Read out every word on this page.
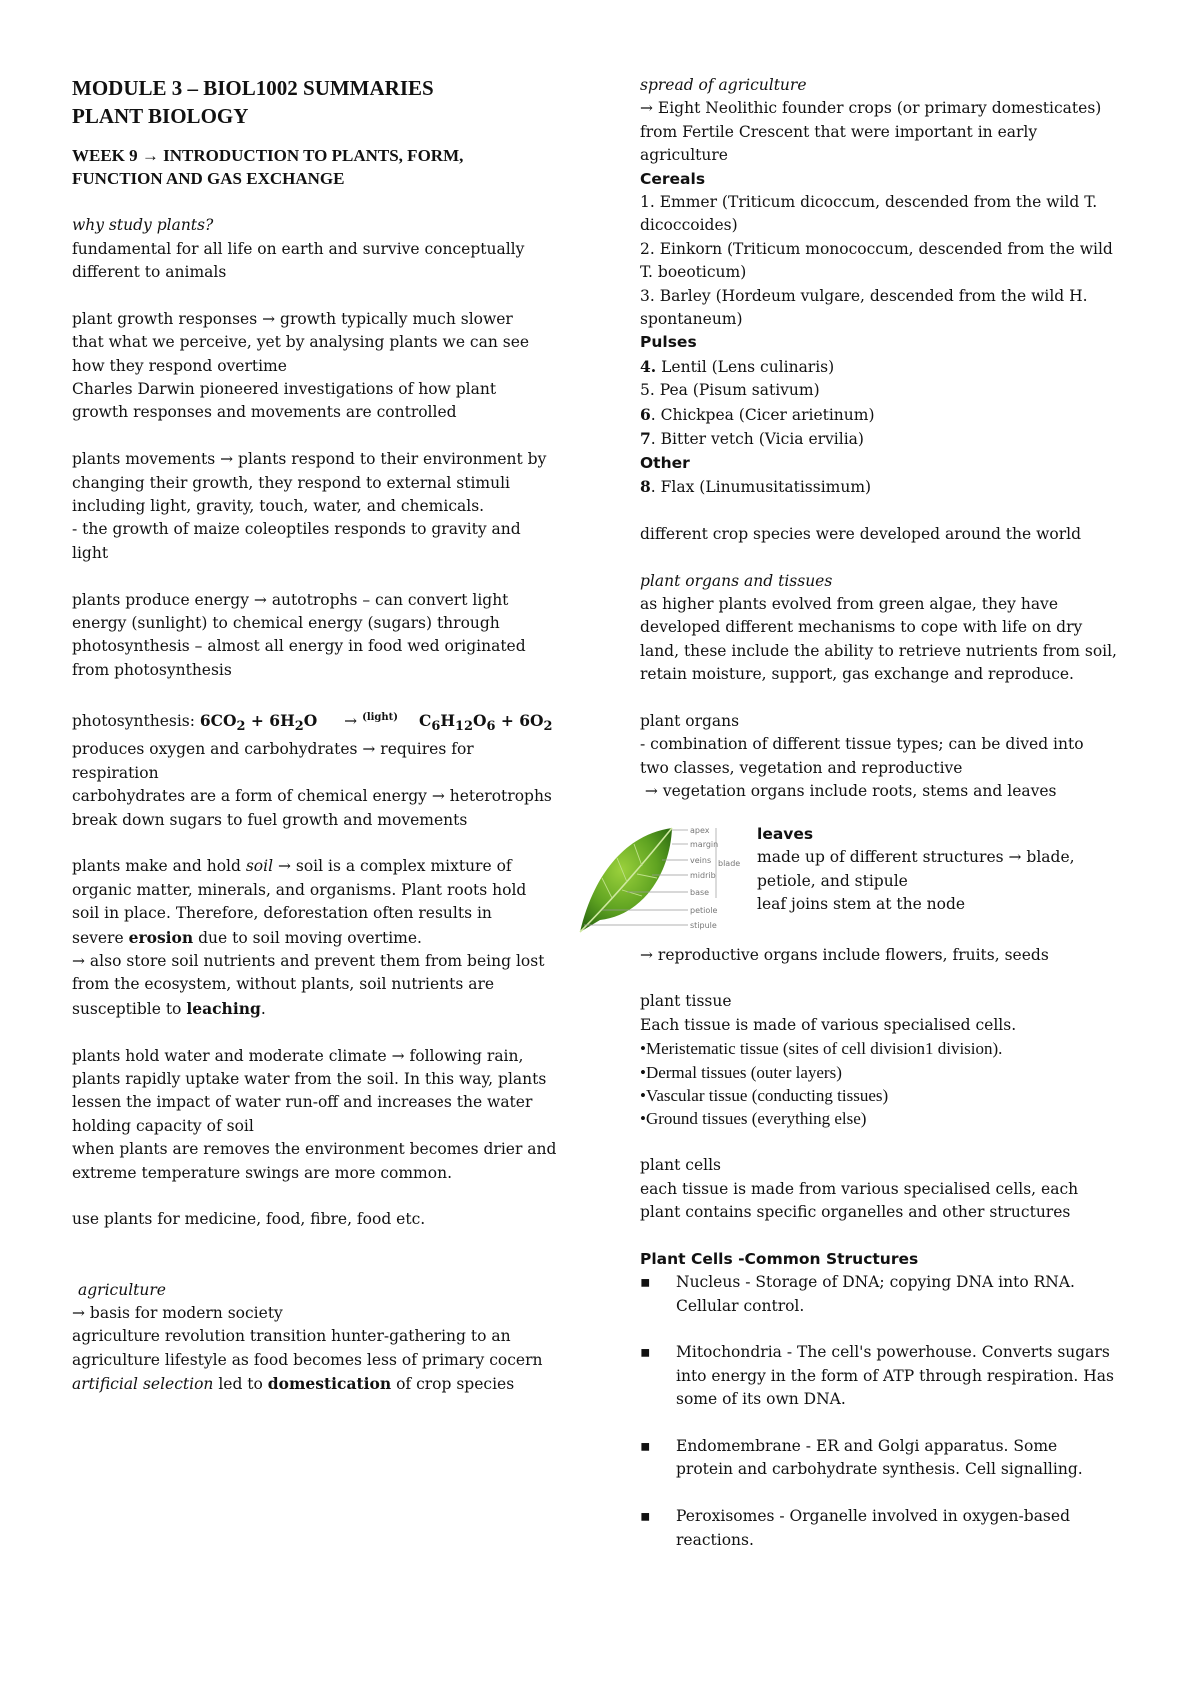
MODULE 3 – BIOL1002 SUMMARIES
PLANT BIOLOGY
WEEK 9 → INTRODUCTION TO PLANTS, FORM,
FUNCTION AND GAS EXCHANGE
why study plants?
fundamental for all life on earth and survive conceptually
different to animals
plant growth responses → growth typically much slower
that what we perceive, yet by analysing plants we can see
how they respond overtime
Charles Darwin pioneered investigations of how plant
growth responses and movements are controlled
plants movements → plants respond to their environment by
changing their growth, they respond to external stimuli
including light, gravity, touch, water, and chemicals.
- the growth of maize coleoptiles responds to gravity and
light
plants produce energy → autotrophs – can convert light
energy (sunlight) to chemical energy (sugars) through
photosynthesis – almost all energy in food wed originated
from photosynthesis
photosynthesis: $6CO_2 + 6H_2O \to ^{(light)}$ $C_6H_{12}O_6 + 6O_2$
produces oxygen and carbohydrates → requires for
respiration
carbohydrates are a form of chemical energy → heterotrophs
break down sugars to fuel growth and movements
plants make and hold soil → soil is a complex mixture of
organic matter, minerals, and organisms. Plant roots hold
soil in place. Therefore, deforestation often results in
severe erosion due to soil moving overtime.
→ also store soil nutrients and prevent them from being lost
from the ecosystem, without plants, soil nutrients are
susceptible to leaching.
plants hold water and moderate climate → following rain,
plants rapidly uptake water from the soil. In this way, plants
lessen the impact of water run-off and increases the water
holding capacity of soil
when plants are removes the environment becomes drier and
extreme temperature swings are more common.
use plants for medicine, food, fibre, food etc.
agriculture
→ basis for modern society
agriculture revolution transition hunter-gathering to an
agriculture lifestyle as food becomes less of primary cocern
artificial selection led to domestication of crop species
spread of agriculture
→ Eight Neolithic founder crops (or primary domesticates)
from Fertile Crescent that were important in early
agriculture
Cereals
1. Emmer (Triticum dicoccum, descended from the wild T.
dicoccoides)
2. Einkorn (Triticum monococcum, descended from the wild
T. boeoticum)
3. Barley (Hordeum vulgare, descended from the wild H.
spontaneum)
Pulses
4. Lentil (Lens culinaris)
5. Pea (Pisum sativum)
6. Chickpea (Cicer arietinum)
7. Bitter vetch (Vicia ervilia)
Other
8. Flax (Linumusitatissimum)
different crop species were developed around the world
plant organs and tissues
as higher plants evolved from green algae, they have
developed different mechanisms to cope with life on dry
land, these include the ability to retrieve nutrients from soil,
retain moisture, support, gas exchange and reproduce.
plant organs
- combination of different tissue types; can be dived into
two classes, vegetation and reproductive
→ vegetation organs include roots, stems and leaves
→ reproductive organs include flowers, fruits, seeds
plant tissue
Each tissue is made of various specialised cells.
•Meristematic tissue (sites of cell division1 division).
•Dermal tissues (outer layers)
•Vascular tissue (conducting tissues)
•Ground tissues (everything else)
plant cells
each tissue is made from various specialised cells, each
plant contains specific organelles and other structures
Plant Cells -Common Structures
▪	Nucleus - Storage of DNA; copying DNA into RNA.
Cellular control.
▪	Mitochondria - The cell's powerhouse. Converts sugars
into energy in the form of ATP through respiration. Has
some of its own DNA.
▪	Endomembrane - ER and Golgi apparatus. Some
protein and carbohydrate synthesis. Cell signalling.
▪	Peroxisomes - Organelle involved in oxygen-based
reactions.
apex
margin
veins
midrib
base
petiole
stipule
blade
leaves
made up of different structures → blade,
petiole, and stipule
leaf joins stem at the node
